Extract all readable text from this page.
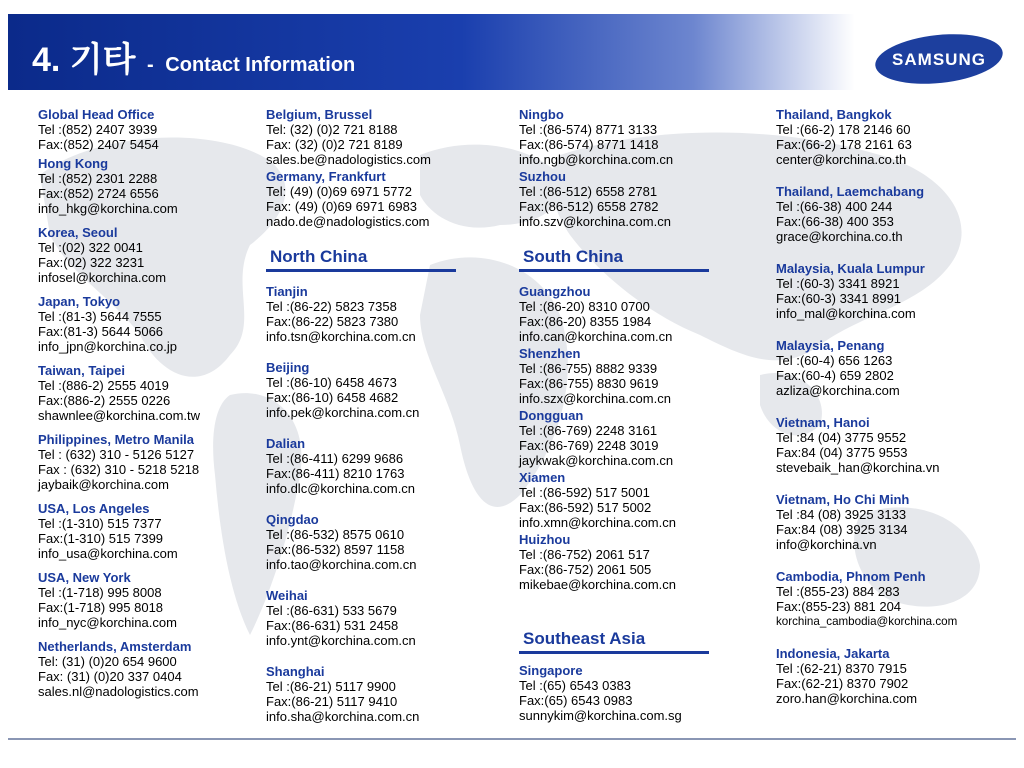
4. 기타 - Contact Information	SAMSUNG
North China	South China
Southeast Asia
Global Head Office
Tel :(852) 2407 3939
Fax:(852) 2407 5454
Hong Kong
Tel :(852) 2301 2288
Fax:(852) 2724 6556
info_hkg@korchina.com
Korea, Seoul
Tel :(02) 322 0041
Fax:(02) 322 3231
infosel@korchina.com
Japan, Tokyo
Tel :(81-3) 5644 7555
Fax:(81-3) 5644 5066
info_jpn@korchina.co.jp
Taiwan, Taipei
Tel :(886-2) 2555 4019
Fax:(886-2) 2555 0226
shawnlee@korchina.com.tw
Philippines, Metro Manila
Tel : (632) 310 - 5126 5127
Fax : (632) 310 - 5218 5218
jaybaik@korchina.com
USA, Los Angeles
Tel :(1-310) 515 7377
Fax:(1-310) 515 7399
info_usa@korchina.com
USA, New York
Tel :(1-718) 995 8008
Fax:(1-718) 995 8018
info_nyc@korchina.com
Netherlands, Amsterdam
Tel: (31) (0)20 654 9600
Fax: (31) (0)20 337 0404
sales.nl@nadologistics.com
Belgium, Brussel
Tel: (32) (0)2 721 8188
Fax: (32) (0)2 721 8189
sales.be@nadologistics.com
Germany, Frankfurt
Tel: (49) (0)69 6971 5772
Fax: (49) (0)69 6971 6983
nado.de@nadologistics.com
Tianjin
Tel :(86-22) 5823 7358
Fax:(86-22) 5823 7380
info.tsn@korchina.com.cn
Beijing
Tel :(86-10) 6458 4673
Fax:(86-10) 6458 4682
info.pek@korchina.com.cn
Dalian
Tel :(86-411) 6299 9686
Fax:(86-411) 8210 1763
info.dlc@korchina.com.cn
Qingdao
Tel :(86-532) 8575 0610
Fax:(86-532) 8597 1158
info.tao@korchina.com.cn
Weihai
Tel :(86-631) 533 5679
Fax:(86-631) 531 2458
info.ynt@korchina.com.cn
Shanghai
Tel :(86-21) 5117 9900
Fax:(86-21) 5117 9410
info.sha@korchina.com.cn
Ningbo
Tel :(86-574) 8771 3133
Fax:(86-574) 8771 1418
info.ngb@korchina.com.cn
Suzhou
Tel :(86-512) 6558 2781
Fax:(86-512) 6558 2782
info.szv@korchina.com.cn
Guangzhou
Tel :(86-20) 8310 0700
Fax:(86-20) 8355 1984
info.can@korchina.com.cn
Shenzhen
Tel :(86-755) 8882 9339
Fax:(86-755) 8830 9619
info.szx@korchina.com.cn
Dongguan
Tel :(86-769) 2248 3161
Fax:(86-769) 2248 3019
jaykwak@korchina.com.cn
Xiamen
Tel :(86-592) 517 5001
Fax:(86-592) 517 5002
info.xmn@korchina.com.cn
Huizhou
Tel :(86-752) 2061 517
Fax:(86-752) 2061 505
mikebae@korchina.com.cn
Singapore
Tel :(65) 6543 0383
Fax:(65) 6543 0983
sunnykim@korchina.com.sg
Thailand, Bangkok
Tel :(66-2) 178 2146 60
Fax:(66-2) 178 2161 63
center@korchina.co.th
Thailand, Laemchabang
Tel :(66-38) 400 244
Fax:(66-38) 400 353
grace@korchina.co.th
Malaysia, Kuala Lumpur
Tel :(60-3) 3341 8921
Fax:(60-3) 3341 8991
info_mal@korchina.com
Malaysia, Penang
Tel :(60-4) 656 1263
Fax:(60-4) 659 2802
azliza@korchina.com
Vietnam, Hanoi
Tel :84 (04) 3775 9552
Fax:84 (04) 3775 9553
stevebaik_han@korchina.vn
Vietnam, Ho Chi Minh
Tel :84 (08) 3925 3133
Fax:84 (08) 3925 3134
info@korchina.vn
Cambodia, Phnom Penh
Tel :(855-23) 884 283
Fax:(855-23) 881 204
korchina_cambodia@korchina.com
Indonesia, Jakarta
Tel :(62-21) 8370 7915
Fax:(62-21) 8370 7902
zoro.han@korchina.com
